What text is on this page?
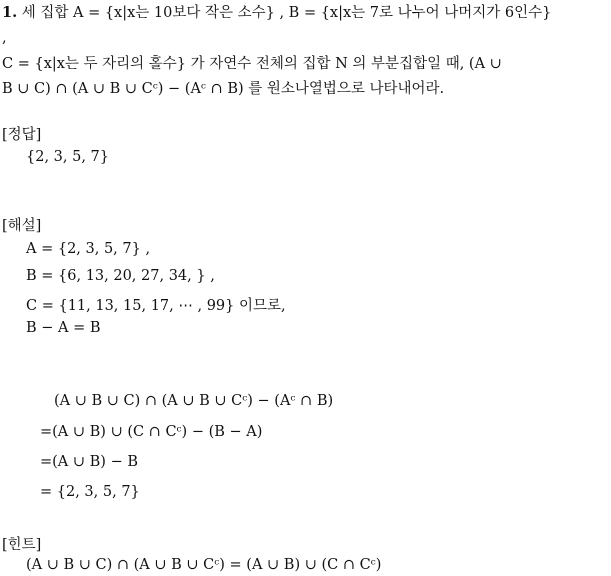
1. 세 집합 A = {x|x는 10보다 작은 소수} , B = {x|x는 7로 나누어 나머지가 6인수}
,
C = {x|x는 두 자리의 홀수} 가 자연수 전체의 집합 N 의 부분집합일 때, (A ∪
B ∪ C) ∩ (A ∪ B ∪ Cᶜ) − (Aᶜ ∩ B) 를 원소나열법으로 나타내어라.
[정답]
{2, 3, 5, 7}
[해설]
A = {2, 3, 5, 7} ,
B = {6, 13, 20, 27, 34, } ,
C = {11, 13, 15, 17, ⋯ , 99} 이므로,
B − A = B
(A ∪ B ∪ C) ∩ (A ∪ B ∪ Cᶜ) − (Aᶜ ∩ B)
=(A ∪ B) ∪ (C ∩ Cᶜ) − (B − A)
=(A ∪ B) − B
= {2, 3, 5, 7}
[힌트]
(A ∪ B ∪ C) ∩ (A ∪ B ∪ Cᶜ) = (A ∪ B) ∪ (C ∩ Cᶜ)
